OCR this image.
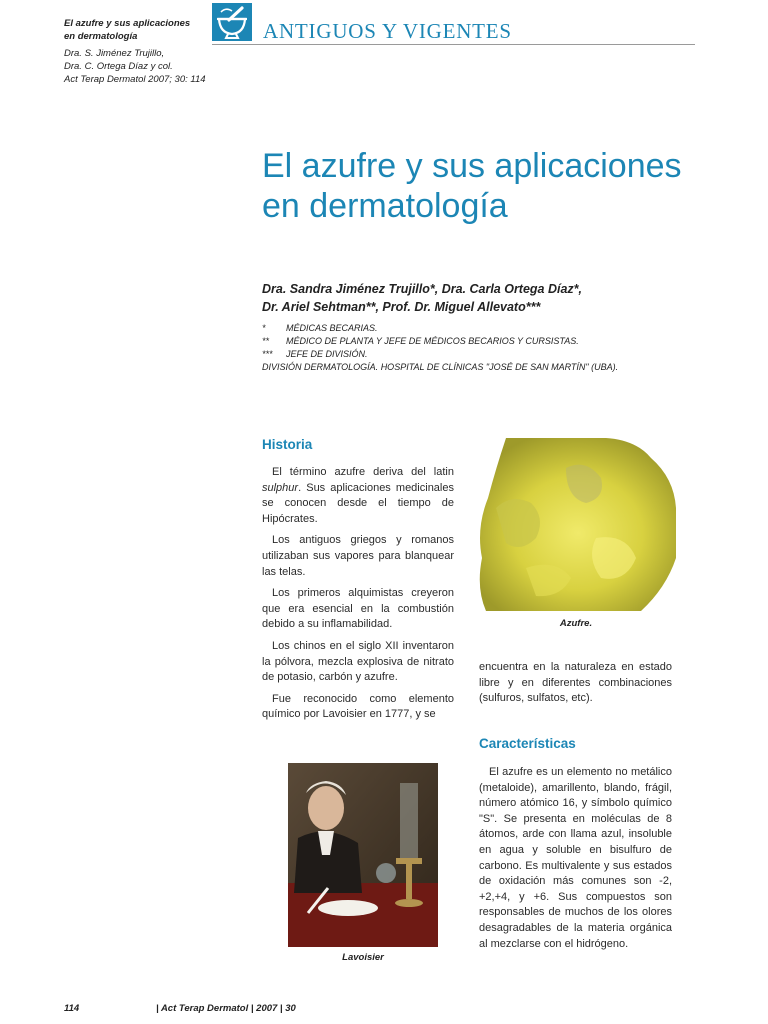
El azufre y sus aplicaciones
en dermatología
Dra. S. Jiménez Trujillo,
Dra. C. Ortega Díaz y col.
Act Terap Dermatol 2007; 30: 114
ANTIGUOS Y VIGENTES
El azufre y sus aplicaciones
en dermatología
Dra. Sandra Jiménez Trujillo*, Dra. Carla Ortega Díaz*,
Dr. Ariel Sehtman**, Prof. Dr. Miguel Allevato***
* MÉDICAS BECARIAS.
** MÉDICO DE PLANTA Y JEFE DE MÉDICOS BECARIOS Y CURSISTAS.
*** JEFE DE DIVISIÓN.
DIVISIÓN DERMATOLOGÍA. HOSPITAL DE CLÍNICAS "JOSÉ DE SAN MARTÍN" (UBA).
Historia

El término azufre deriva del latin sulphur. Sus aplicaciones medicinales se conocen desde el tiempo de Hipócrates.

Los antiguos griegos y romanos utilizaban sus vapores para blanquear las telas.

Los primeros alquimistas creyeron que era esencial en la combustión debido a su inflamabilidad.

Los chinos en el siglo XII inventaron la pólvora, mezcla explosiva de nitrato de potasio, carbón y azufre.

Fue reconocido como elemento químico por Lavoisier en 1777, y se

Azufre.

encuentra en la naturaleza en estado libre y en diferentes combinaciones (sulfuros, sulfatos, etc).

Características

El azufre es un elemento no metálico (metaloide), amarillento, blando, frágil, número atómico 16, y símbolo químico "S". Se presenta en moléculas de 8 átomos, arde con llama azul, insoluble en agua y soluble en bisulfuro de carbono. Es multivalente y sus estados de oxidación más comunes son -2, +2,+4, y +6. Sus compuestos son responsables de muchos de los olores desagradables de la materia orgánica al mezclarse con el hidrógeno.

Lavoisier
114	| Act Terap Dermatol | 2007 | 30
